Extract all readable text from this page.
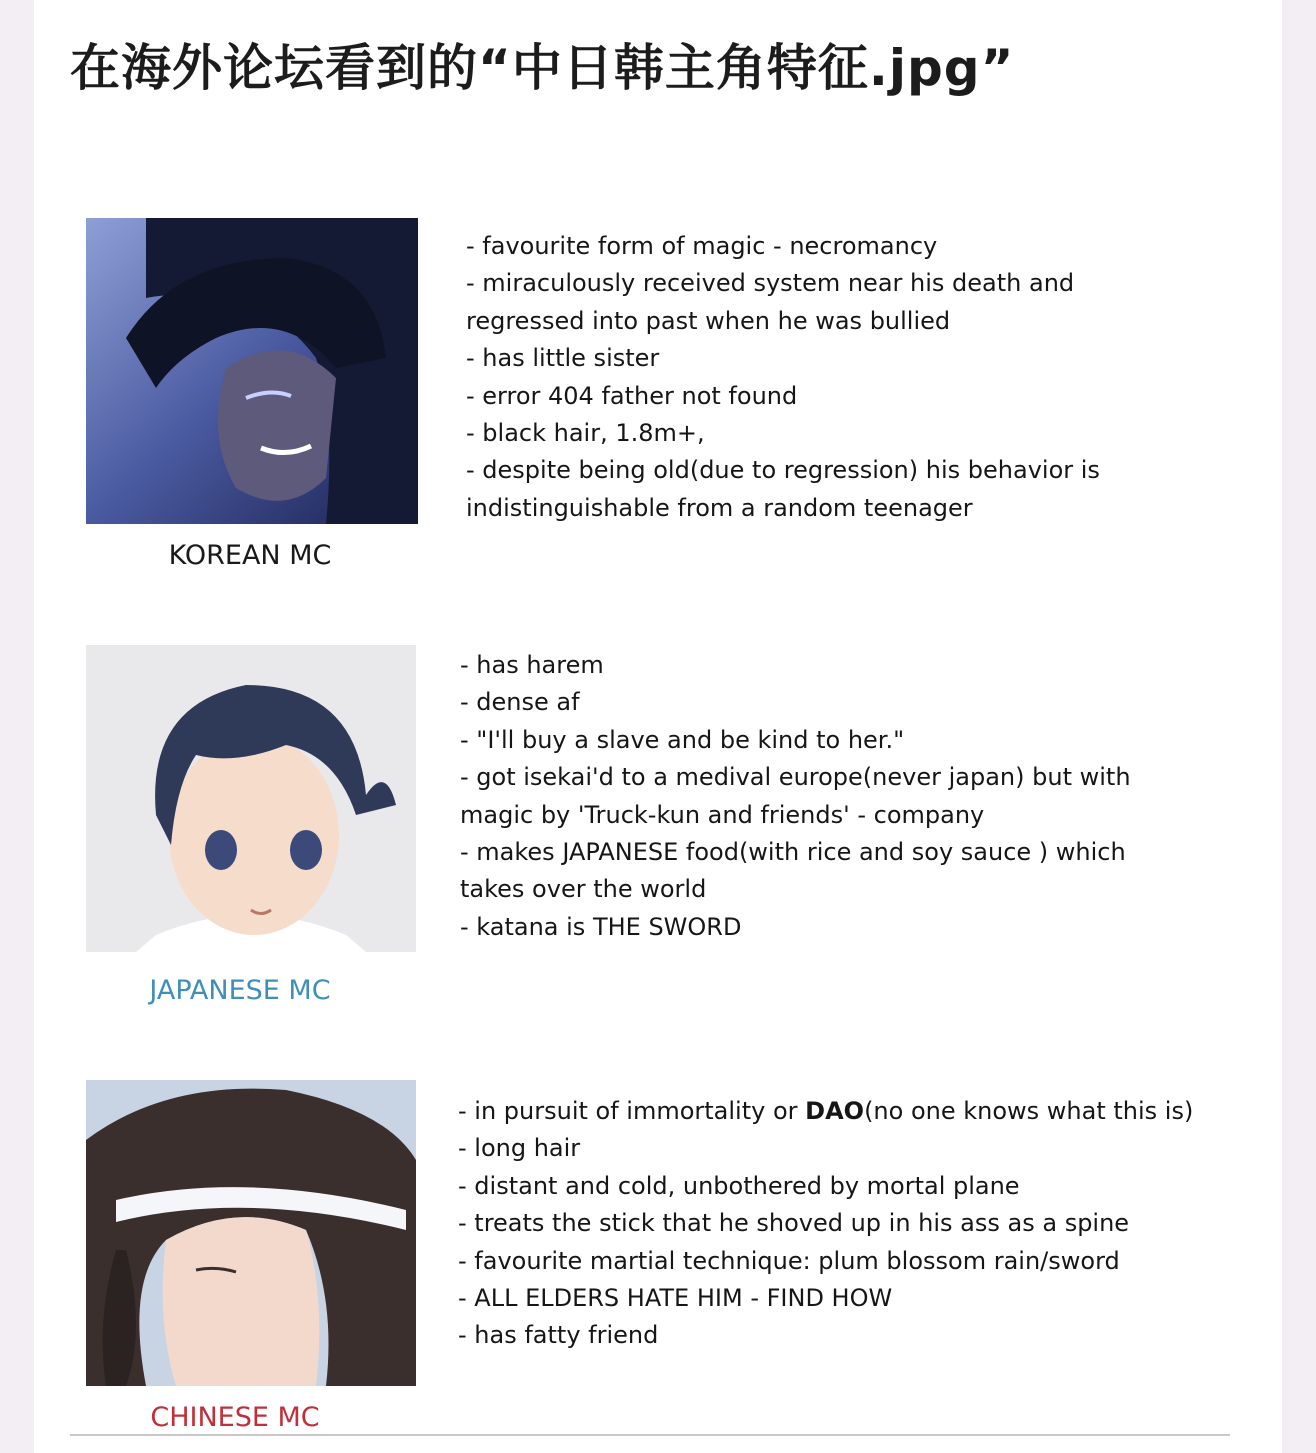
在海外论坛看到的“中日韩主角特征.jpg”
KOREAN MC
- favourite form of magic - necromancy
- miraculously received system near his death and
regressed into past when he was bullied
- has little sister
- error 404 father not found
- black hair, 1.8m+,
- despite being old(due to regression) his behavior is
indistinguishable from a random teenager
JAPANESE MC
- has harem
- dense af
- "I'll buy a slave and be kind to her."
- got isekai'd to a medival europe(never japan) but with
magic by 'Truck-kun and friends' - company
- makes JAPANESE food(with rice and soy sauce ) which
takes over the world
- katana is THE SWORD
CHINESE MC
- in pursuit of immortality or DAO(no one knows what this is)
- long hair
- distant and cold, unbothered by mortal plane
- treats the stick that he shoved up in his ass as a spine
- favourite martial technique: plum blossom rain/sword
- ALL ELDERS HATE HIM - FIND HOW
- has fatty friend
